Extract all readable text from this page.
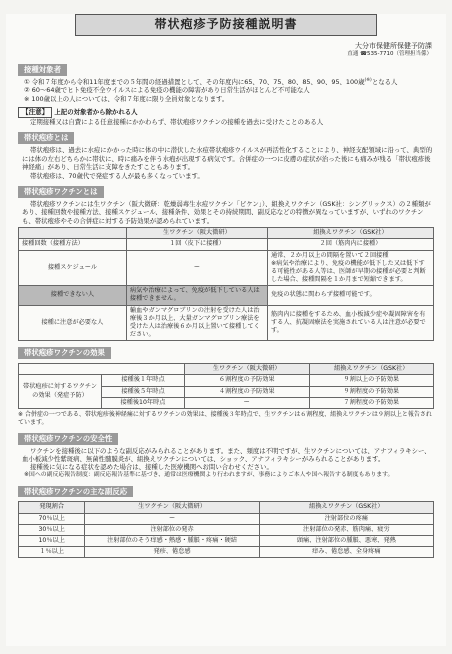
帯状疱疹予防接種説明書
大分市保健所保健予防課
直通 ☎535-7710（管理担当係）
接種対象者

① 令和７年度から令和11年度までの５年間の経過措置として、その年度内に65、70、75、80、85、90、95、100歳(※)となる人

② 60～64歳でヒト免疫不全ウイルスによる免疫の機能の障害があり日常生活がほとんど不可能な人

※ 100歳以上の人については、令和７年度に限り全員対象となります。

【注意】 上記の対象者から除かれる人

定期接種又は自費による任意接種にかかわらず、帯状疱疹ワクチンの接種を過去に受けたことのある人

帯状疱疹とは

帯状疱疹は、過去に水痘にかかった時に体の中に潜伏した水痘帯状疱疹ウイルスが再活性化することにより、神経支配領域に沿って、典型的には体の左右どちらかに帯状に、時に痛みを伴う水疱が出現する病気です。合併症の一つに皮膚の症状が治った後にも痛みが残る「帯状疱疹後神経痛」があり、日常生活に支障をきたすこともあります。

帯状疱疹は、70歳代で発症する人が最も多くなっています。

帯状疱疹ワクチンとは

帯状疱疹ワクチンには生ワクチン（阪大微研：乾燥弱毒生水痘ワクチン「ビケン」）、組換えワクチン（GSK社：シングリックス）の２種類があり、接種回数や接種方法、接種スケジュール、接種条件、効果とその持続期間、副反応などの特徴が異なっていますが、いずれのワクチンも、帯状疱疹やその合併症に対する予防効果が認められています。

	生ワクチン（阪大微研）	組換えワクチン（GSK社）
接種回数（接種方法）	１回（皮下に接種）	２回（筋肉内に接種）
接種スケジュール	ー	通常、２か月以上の間隔を置いて２回接種
※病気や治療により、免疫の機能が低下した又は低下する可能性がある人等は、医師が早期の接種が必要と判断した場合、接種間隔を１か月まで短縮できます。
接種できない人	病気や治療によって、免疫が低下している人は接種できません。	免疫の状態に関わらず接種可能です。
接種に注意が必要な人	輸血やガンマグロブリンの注射を受けた人は治療後３か月以上、大量ガンマグロブリン療法を受けた人は治療後６か月以上置いて接種してください。	筋肉内に接種をするため、血小板減少症や凝固障害を有する人、抗凝固療法を実施されている人は注意が必要です。
帯状疱疹ワクチンの効果
		生ワクチン（阪大微研）	組換えワクチン（GSK社）
帯状疱疹に対するワクチンの効果（発症予防）	接種後１年時点	６割程度の予防効果	９割以上の予防効果
	接種後５年時点	４割程度の予防効果	９割程度の予防効果
	接種後10年時点	ー	７割程度の予防効果

※ 合併症の一つである、帯状疱疹後神経痛に対するワクチンの効果は、接種後３年時点で、生ワクチンは６割程度、組換えワクチンは９割以上と報告されています。

帯状疱疹ワクチンの安全性

ワクチンを接種後に以下のような副反応がみられることがあります。また、頻度は不明ですが、生ワクチンについては、アナフィラキシー、血小板減少性紫斑病、無菌性髄膜炎が、組換えワクチンについては、ショック、アナフィラキシーがみられることがあります。

接種後に気になる症状を認めた場合は、接種した医療機関へお問い合わせください。

※国への副反応報告制度：副反応報告基準に基づき、通常は医療機関より行われますが、事務によりご本人や国へ報告する制度もあります。

帯状疱疹ワクチンの主な副反応
発現割合	生ワクチン（阪大微研）	組換えワクチン（GSK社）
70％以上	ー	注射部位の疼痛
30％以上	注射部位の発赤	注射部位の発赤、筋肉痛、疲労
10％以上	注射部位のそう痒感・熱感・腫脹・疼痛・硬結	頭痛、注射部位の腫脹、悪寒、発熱
１％以上	発疹、倦怠感	痒み、倦怠感、全身疼痛
